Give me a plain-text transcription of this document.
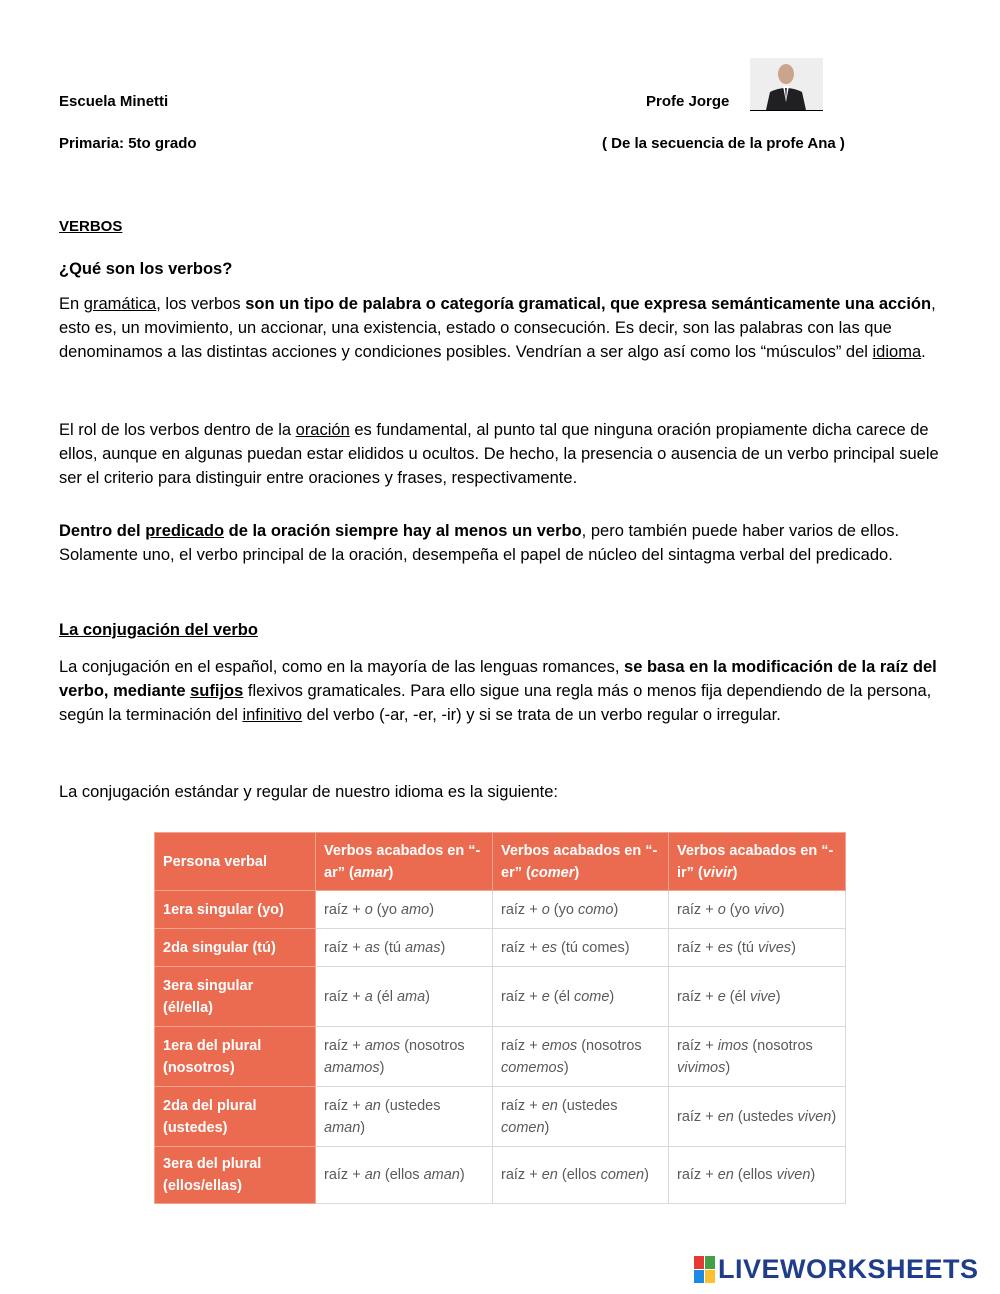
Escuela Minetti	Profe Jorge
Primaria: 5to grado	( De la secuencia de la profe Ana )
VERBOS
¿Qué son los verbos?
En gramática, los verbos son un tipo de palabra o categoría gramatical, que expresa semánticamente una acción, esto es, un movimiento, un accionar, una existencia, estado o consecución. Es decir, son las palabras con las que denominamos a las distintas acciones y condiciones posibles. Vendrían a ser algo así como los “músculos” del idioma.
El rol de los verbos dentro de la oración es fundamental, al punto tal que ninguna oración propiamente dicha carece de ellos, aunque en algunas puedan estar elididos u ocultos. De hecho, la presencia o ausencia de un verbo principal suele ser el criterio para distinguir entre oraciones y frases, respectivamente.
Dentro del predicado de la oración siempre hay al menos un verbo, pero también puede haber varios de ellos. Solamente uno, el verbo principal de la oración, desempeña el papel de núcleo del sintagma verbal del predicado.
La conjugación del verbo
La conjugación en el español, como en la mayoría de las lenguas romances, se basa en la modificación de la raíz del verbo, mediante sufijos flexivos gramaticales. Para ello sigue una regla más o menos fija dependiendo de la persona, según la terminación del infinitivo del verbo (-ar, -er, -ir) y si se trata de un verbo regular o irregular.
La conjugación estándar y regular de nuestro idioma es la siguiente:
Persona verbal	Verbos acabados en “-ar” (amar)	Verbos acabados en “-er” (comer)	Verbos acabados en “-ir” (vivir)
1era singular (yo)	raíz + o (yo amo)	raíz + o (yo como)	raíz + o (yo vivo)
2da singular (tú)	raíz + as (tú amas)	raíz + es (tú comes)	raíz + es (tú vives)
3era singular (él/ella)	raíz + a (él ama)	raíz + e (él come)	raíz + e (él vive)
1era del plural (nosotros)	raíz + amos (nosotros amamos)	raíz + emos (nosotros comemos)	raíz + imos (nosotros vivimos)
2da del plural (ustedes)	raíz + an (ustedes aman)	raíz + en (ustedes comen)	raíz + en (ustedes viven)
3era del plural (ellos/ellas)	raíz + an (ellos aman)	raíz + en (ellos comen)	raíz + en (ellos viven)
LIVEWORKSHEETS
